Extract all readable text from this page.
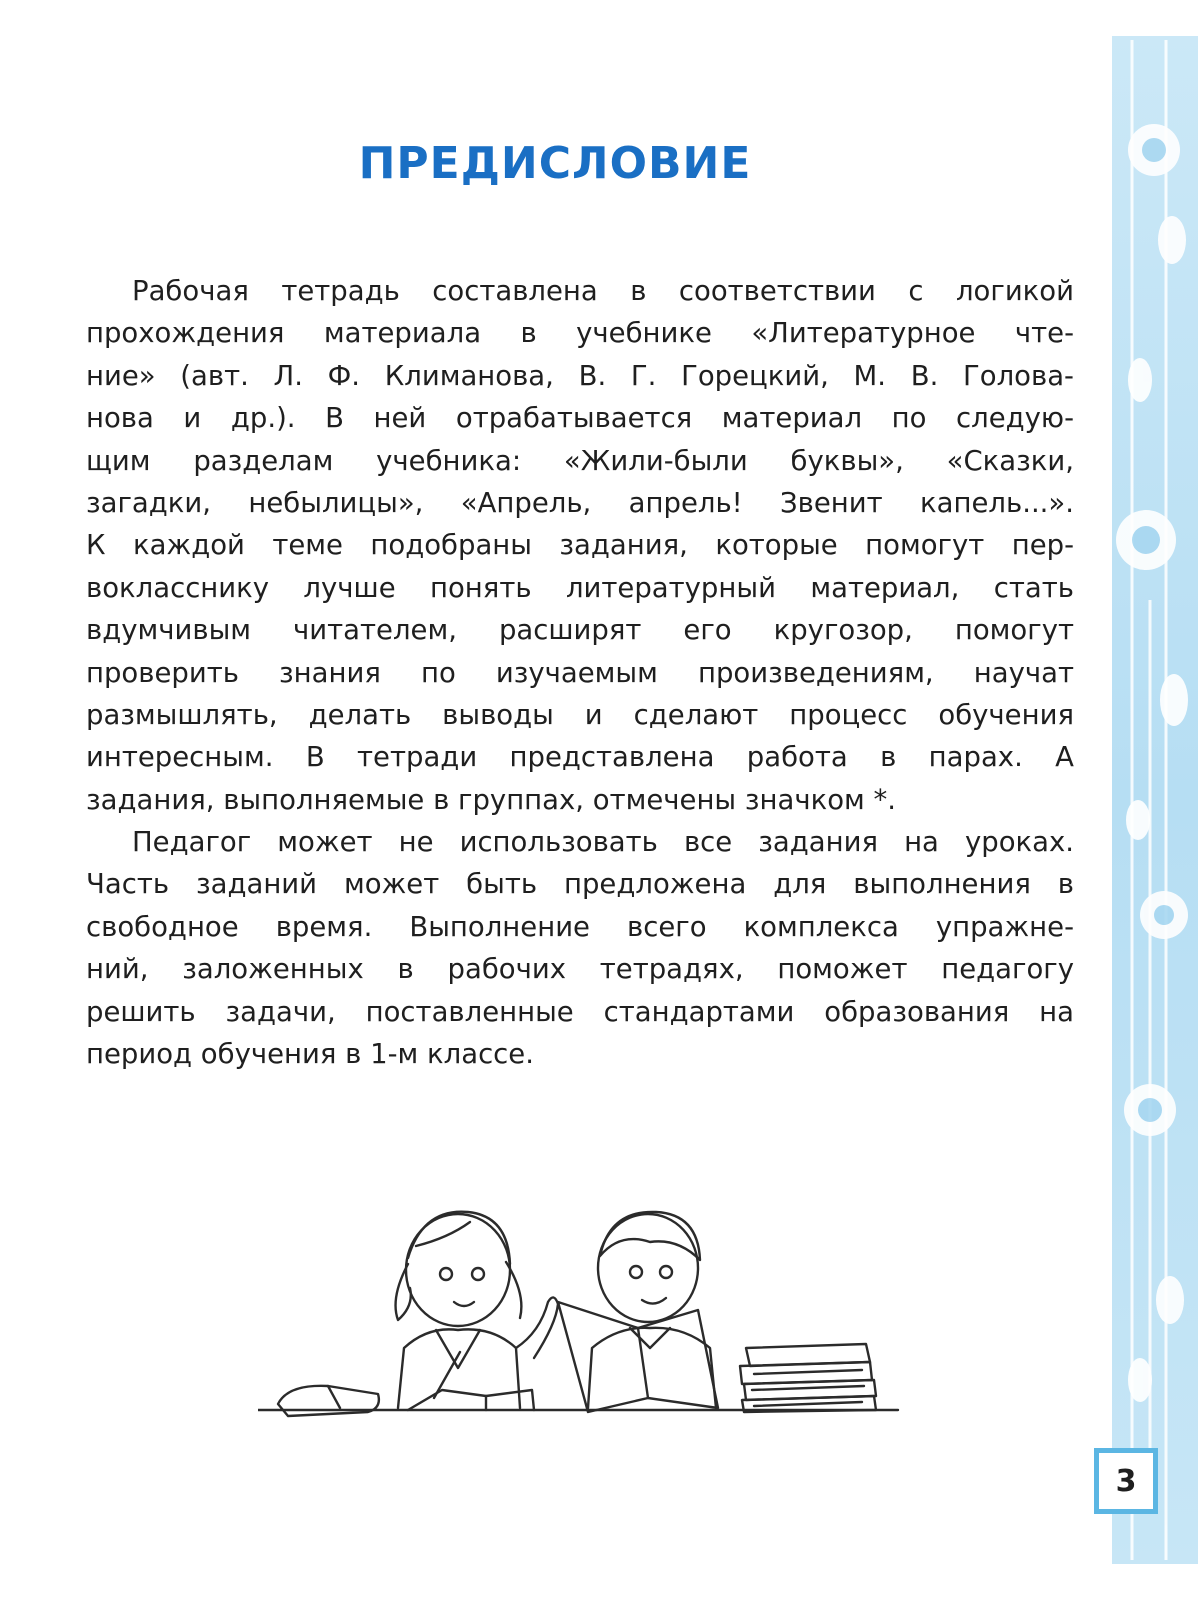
ПРЕДИСЛОВИЕ
Рабочая тетрадь составлена в соответствии с логикой
прохождения материала в учебнике «Литературное чте-
ние» (авт. Л. Ф. Климанова, В. Г. Горецкий, М. В. Голова-
нова и др.). В ней отрабатывается материал по следую-
щим разделам учебника: «Жили-были буквы», «Сказки,
загадки, небылицы», «Апрель, апрель! Звенит капель...».
К каждой теме подобраны задания, которые помогут пер-
вокласснику лучше понять литературный материал, стать
вдумчивым читателем, расширят его кругозор, помогут
проверить знания по изучаемым произведениям, научат
размышлять, делать выводы и сделают процесс обучения
интересным. В тетради представлена работа в парах. А
задания, выполняемые в группах, отмечены значком *.
Педагог может не использовать все задания на уроках.
Часть заданий может быть предложена для выполнения в
свободное время. Выполнение всего комплекса упражне-
ний, заложенных в рабочих тетрадях, поможет педагогу
решить задачи, поставленные стандартами образования на
период обучения в 1-м классе.
3
